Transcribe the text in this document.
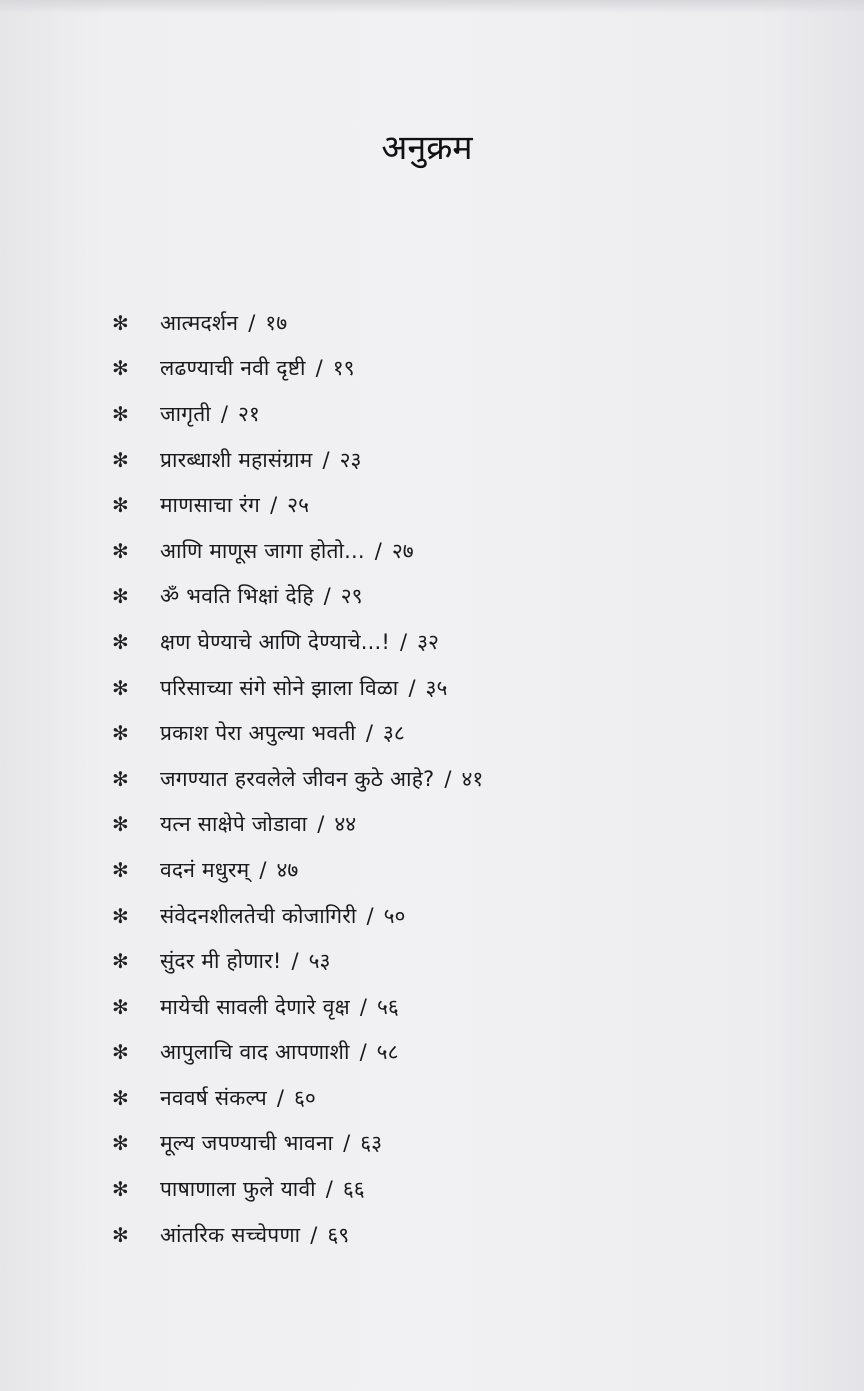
अनुक्रम
✻	आत्मदर्शन / १७
✻	लढण्याची नवी दृष्टी / १९
✻	जागृती / २१
✻	प्रारब्धाशी महासंग्राम / २३
✻	माणसाचा रंग / २५
✻	आणि माणूस जागा होतो... / २७
✻	ॐ भवति भिक्षां देहि / २९
✻	क्षण घेण्याचे आणि देण्याचे...! / ३२
✻	परिसाच्या संगे सोने झाला विळा / ३५
✻	प्रकाश पेरा अपुल्या भवती / ३८
✻	जगण्यात हरवलेले जीवन कुठे आहे? / ४१
✻	यत्न साक्षेपे जोडावा / ४४
✻	वदनं मधुरम् / ४७
✻	संवेदनशीलतेची कोजागिरी / ५०
✻	सुंदर मी होणार! / ५३
✻	मायेची सावली देणारे वृक्ष / ५६
✻	आपुलाचि वाद आपणाशी / ५८
✻	नववर्ष संकल्प / ६०
✻	मूल्य जपण्याची भावना / ६३
✻	पाषाणाला फुले यावी / ६६
✻	आंतरिक सच्चेपणा / ६९
